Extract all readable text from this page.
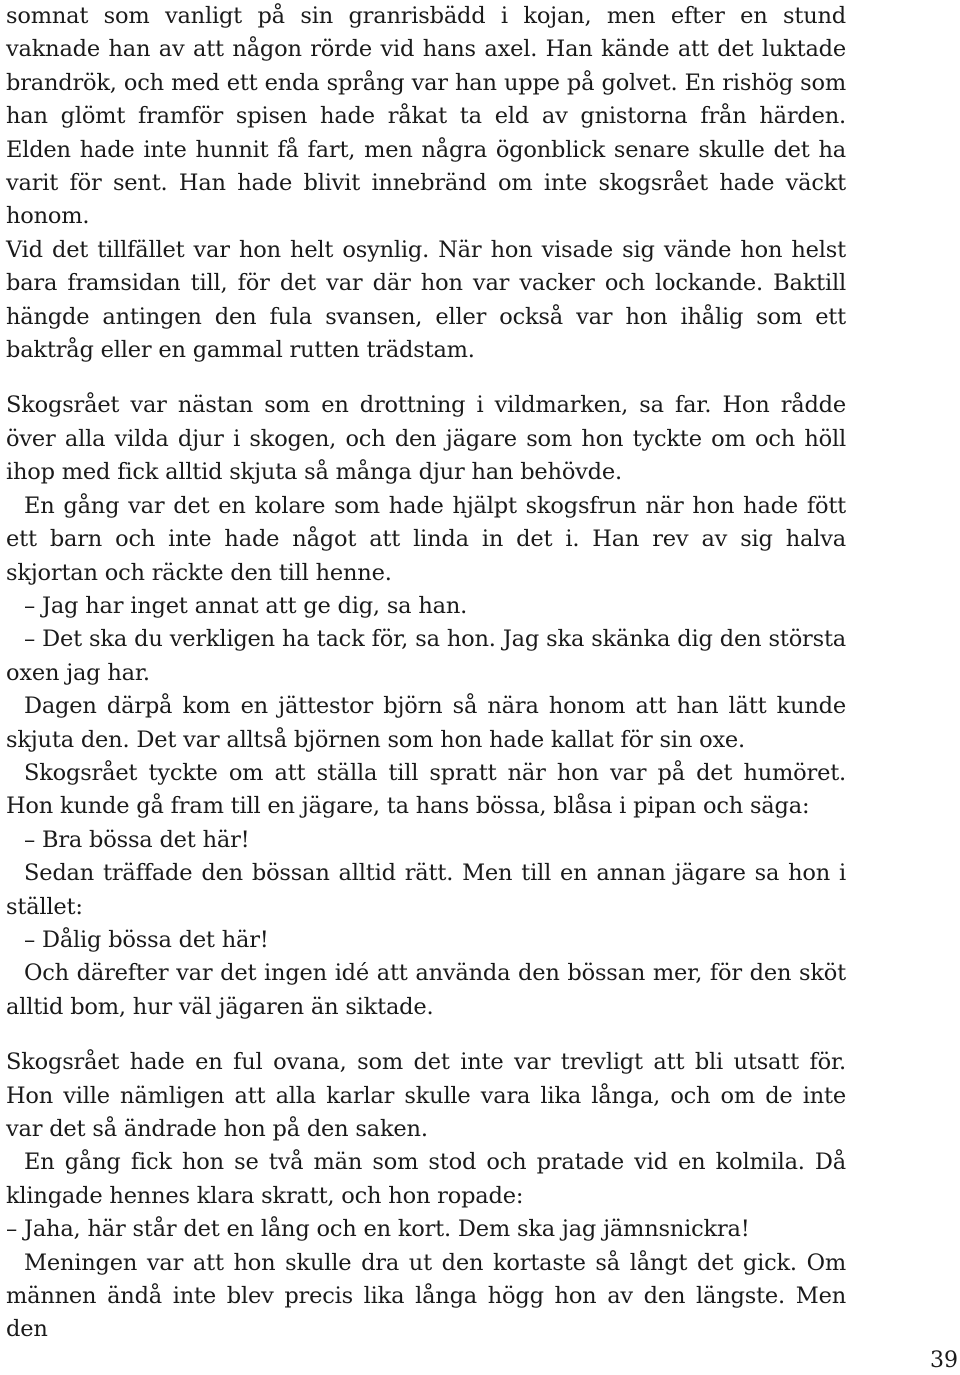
somnat som vanligt på sin granrisbädd i kojan, men efter en stund vaknade han av att någon rörde vid hans axel. Han kände att det luktade brandrök, och med ett enda språng var han uppe på golvet. En rishög som han glömt framför spisen hade råkat ta eld av gnistorna från härden. Elden hade inte hunnit få fart, men några ögonblick senare skulle det ha varit för sent. Han hade blivit innebränd om inte skogsrået hade väckt honom.

Vid det tillfället var hon helt osynlig. När hon visade sig vände hon helst bara framsidan till, för det var där hon var vacker och lockande. Baktill hängde antingen den fula svansen, eller också var hon ihålig som ett baktråg eller en gammal rutten trädstam.

Skogsrået var nästan som en drottning i vildmarken, sa far. Hon rådde över alla vilda djur i skogen, och den jägare som hon tyckte om och höll ihop med fick alltid skjuta så många djur han behövde.

En gång var det en kolare som hade hjälpt skogsfrun när hon hade fött ett barn och inte hade något att linda in det i. Han rev av sig halva skjortan och räckte den till henne.

– Jag har inget annat att ge dig, sa han.

– Det ska du verkligen ha tack för, sa hon. Jag ska skänka dig den största oxen jag har.

Dagen därpå kom en jättestor björn så nära honom att han lätt kunde skjuta den. Det var alltså björnen som hon hade kallat för sin oxe.

Skogsrået tyckte om att ställa till spratt när hon var på det humöret. Hon kunde gå fram till en jägare, ta hans bössa, blåsa i pipan och säga:

– Bra bössa det här!

Sedan träffade den bössan alltid rätt. Men till en annan jägare sa hon i stället:

– Dålig bössa det här!

Och därefter var det ingen idé att använda den bössan mer, för den sköt alltid bom, hur väl jägaren än siktade.

Skogsrået hade en ful ovana, som det inte var trevligt att bli utsatt för. Hon ville nämligen att alla karlar skulle vara lika långa, och om de inte var det så ändrade hon på den saken.

En gång fick hon se två män som stod och pratade vid en kolmila. Då klingade hennes klara skratt, och hon ropade:

– Jaha, här står det en lång och en kort. Dem ska jag jämnsnickra!

Meningen var att hon skulle dra ut den kortaste så långt det gick. Om männen ändå inte blev precis lika långa högg hon av den längste. Men den

39
